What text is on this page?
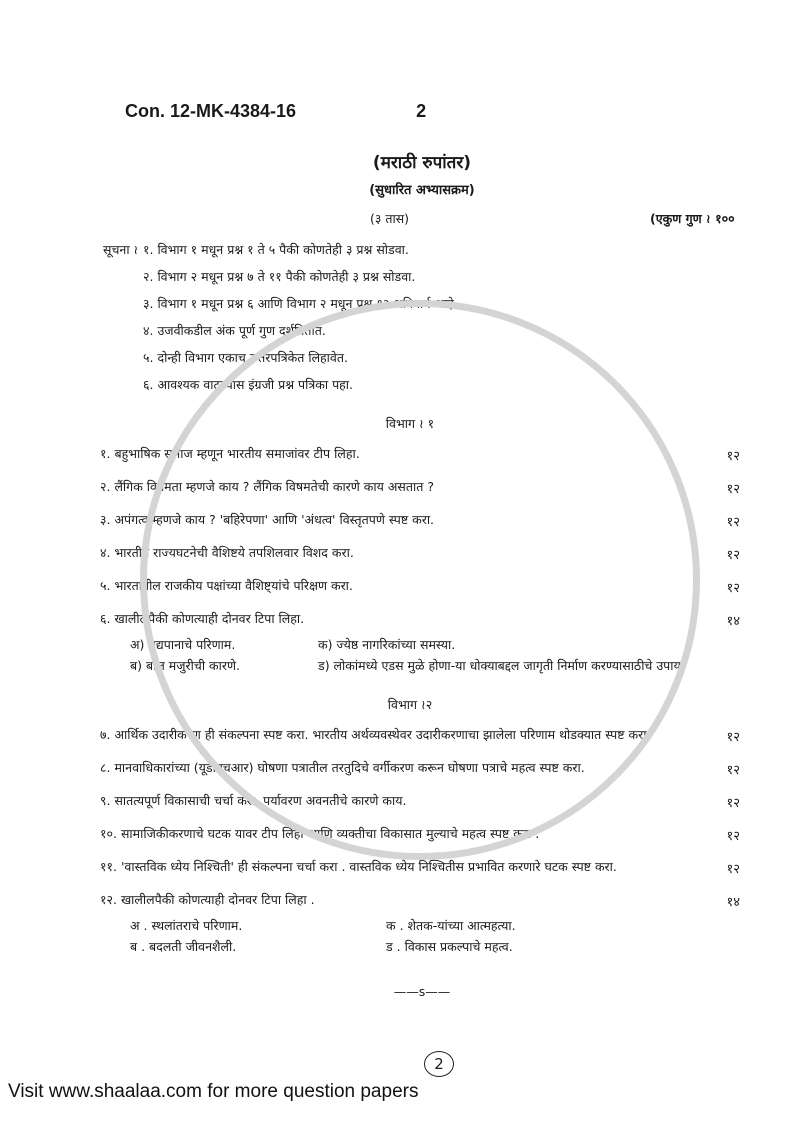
Con. 12-MK-4384-16	2
(मराठी रुपांतर)
(सुधारित अभ्यासक्रम)
(३ तास)	(एकुण गुण ≀ १००
सूचना ≀ १. विभाग १ मधून प्रश्न १ ते ५ पैकी कोणतेही ३ प्रश्न सोडवा.
२. विभाग २ मधून प्रश्न ७ ते ११ पैकी कोणतेही ३ प्रश्न सोडवा.
३. विभाग १ मधून प्रश्न ६ आणि विभाग २ मधून प्रश्न १२ अनिवार्य आहे.
४. उजवीकडील अंक पूर्ण गुण दर्शवितात.
५. दोन्ही विभाग एकाच उत्तरपत्रिकेत लिहावेत.
६. आवश्यक वाटल्यास इंग्रजी प्रश्न पत्रिका पहा.
विभाग ≀ १
१. बहुभाषिक समाज म्हणून भारतीय समाजांवर टीप लिहा.	१२
२. लैंगिक विषमता म्हणजे काय ? लैंगिक विषमतेची कारणे काय असतात ?	१२
३. अपंगत्व म्हणजे काय ? 'बहिरेपणा' आणि 'अंधत्व' विस्तृतपणे स्पष्ट करा.	१२
४. भारतीय राज्यघटनेची वैशिष्टये तपशिलवार विशद करा.	१२
५. भारतातील राजकीय पक्षांच्या वैशिष्ट्यांचे परिक्षण करा.	१२
६. खालीलपैकी कोणत्याही दोनवर टिपा लिहा.	१४
अ) मद्यपानाचे परिणाम.	क) ज्येष्ठ नागरिकांच्या समस्या.
ब) बाल मजुरीची कारणे.	ड) लोकांमध्ये एडस मुळे होणा-या धोक्याबद्दल जागृती निर्माण करण्यासाठीचे उपाय.
विभाग ≀२
७. आर्थिक उदारीकरण ही संकल्पना स्पष्ट करा. भारतीय अर्थव्यवस्थेवर उदारीकरणाचा झालेला परिणाम थोडक्यात स्पष्ट करा.	१२
८. मानवाधिकारांच्या (यूडीएचआर) घोषणा पत्रातील तरतुदिचे वर्गीकरण करून घोषणा पत्राचे महत्व स्पष्ट करा.	१२
९. सातत्यपूर्ण विकासाची चर्चा करा. पर्यावरण अवनतीचे कारणे काय.	१२
१०. सामाजिकीकरणाचे घटक यावर टीप लिहा आणि व्यक्तीचा विकासात मुल्याचे महत्व स्पष्ट करा .	१२
११. 'वास्तविक ध्येय निश्चिती' ही संकल्पना चर्चा करा . वास्तविक ध्येय निश्चितीस प्रभावित करणारे घटक स्पष्ट करा.	१२
१२. खालीलपैकी कोणत्याही दोनवर टिपा लिहा .	१४
अ . स्थलांतराचे परिणाम.	क . शेतक-यांच्या आत्महत्या.
ब . बदलती जीवनशैली.	ड . विकास प्रकल्पाचे महत्व.
——s——
2
Visit www.shaalaa.com for more question papers
